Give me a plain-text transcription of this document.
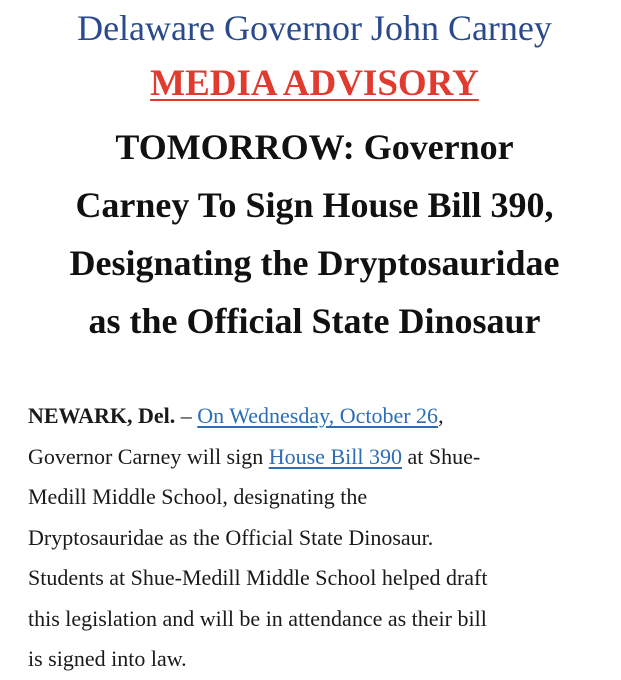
Delaware Governor John Carney
MEDIA ADVISORY
TOMORROW: Governor
Carney To Sign House Bill 390,
Designating the Dryptosauridae
as the Official State Dinosaur
NEWARK, Del. – On Wednesday, October 26,
Governor Carney will sign House Bill 390 at Shue-
Medill Middle School, designating the
Dryptosauridae as the Official State Dinosaur.
Students at Shue-Medill Middle School helped draft
this legislation and will be in attendance as their bill
is signed into law.
